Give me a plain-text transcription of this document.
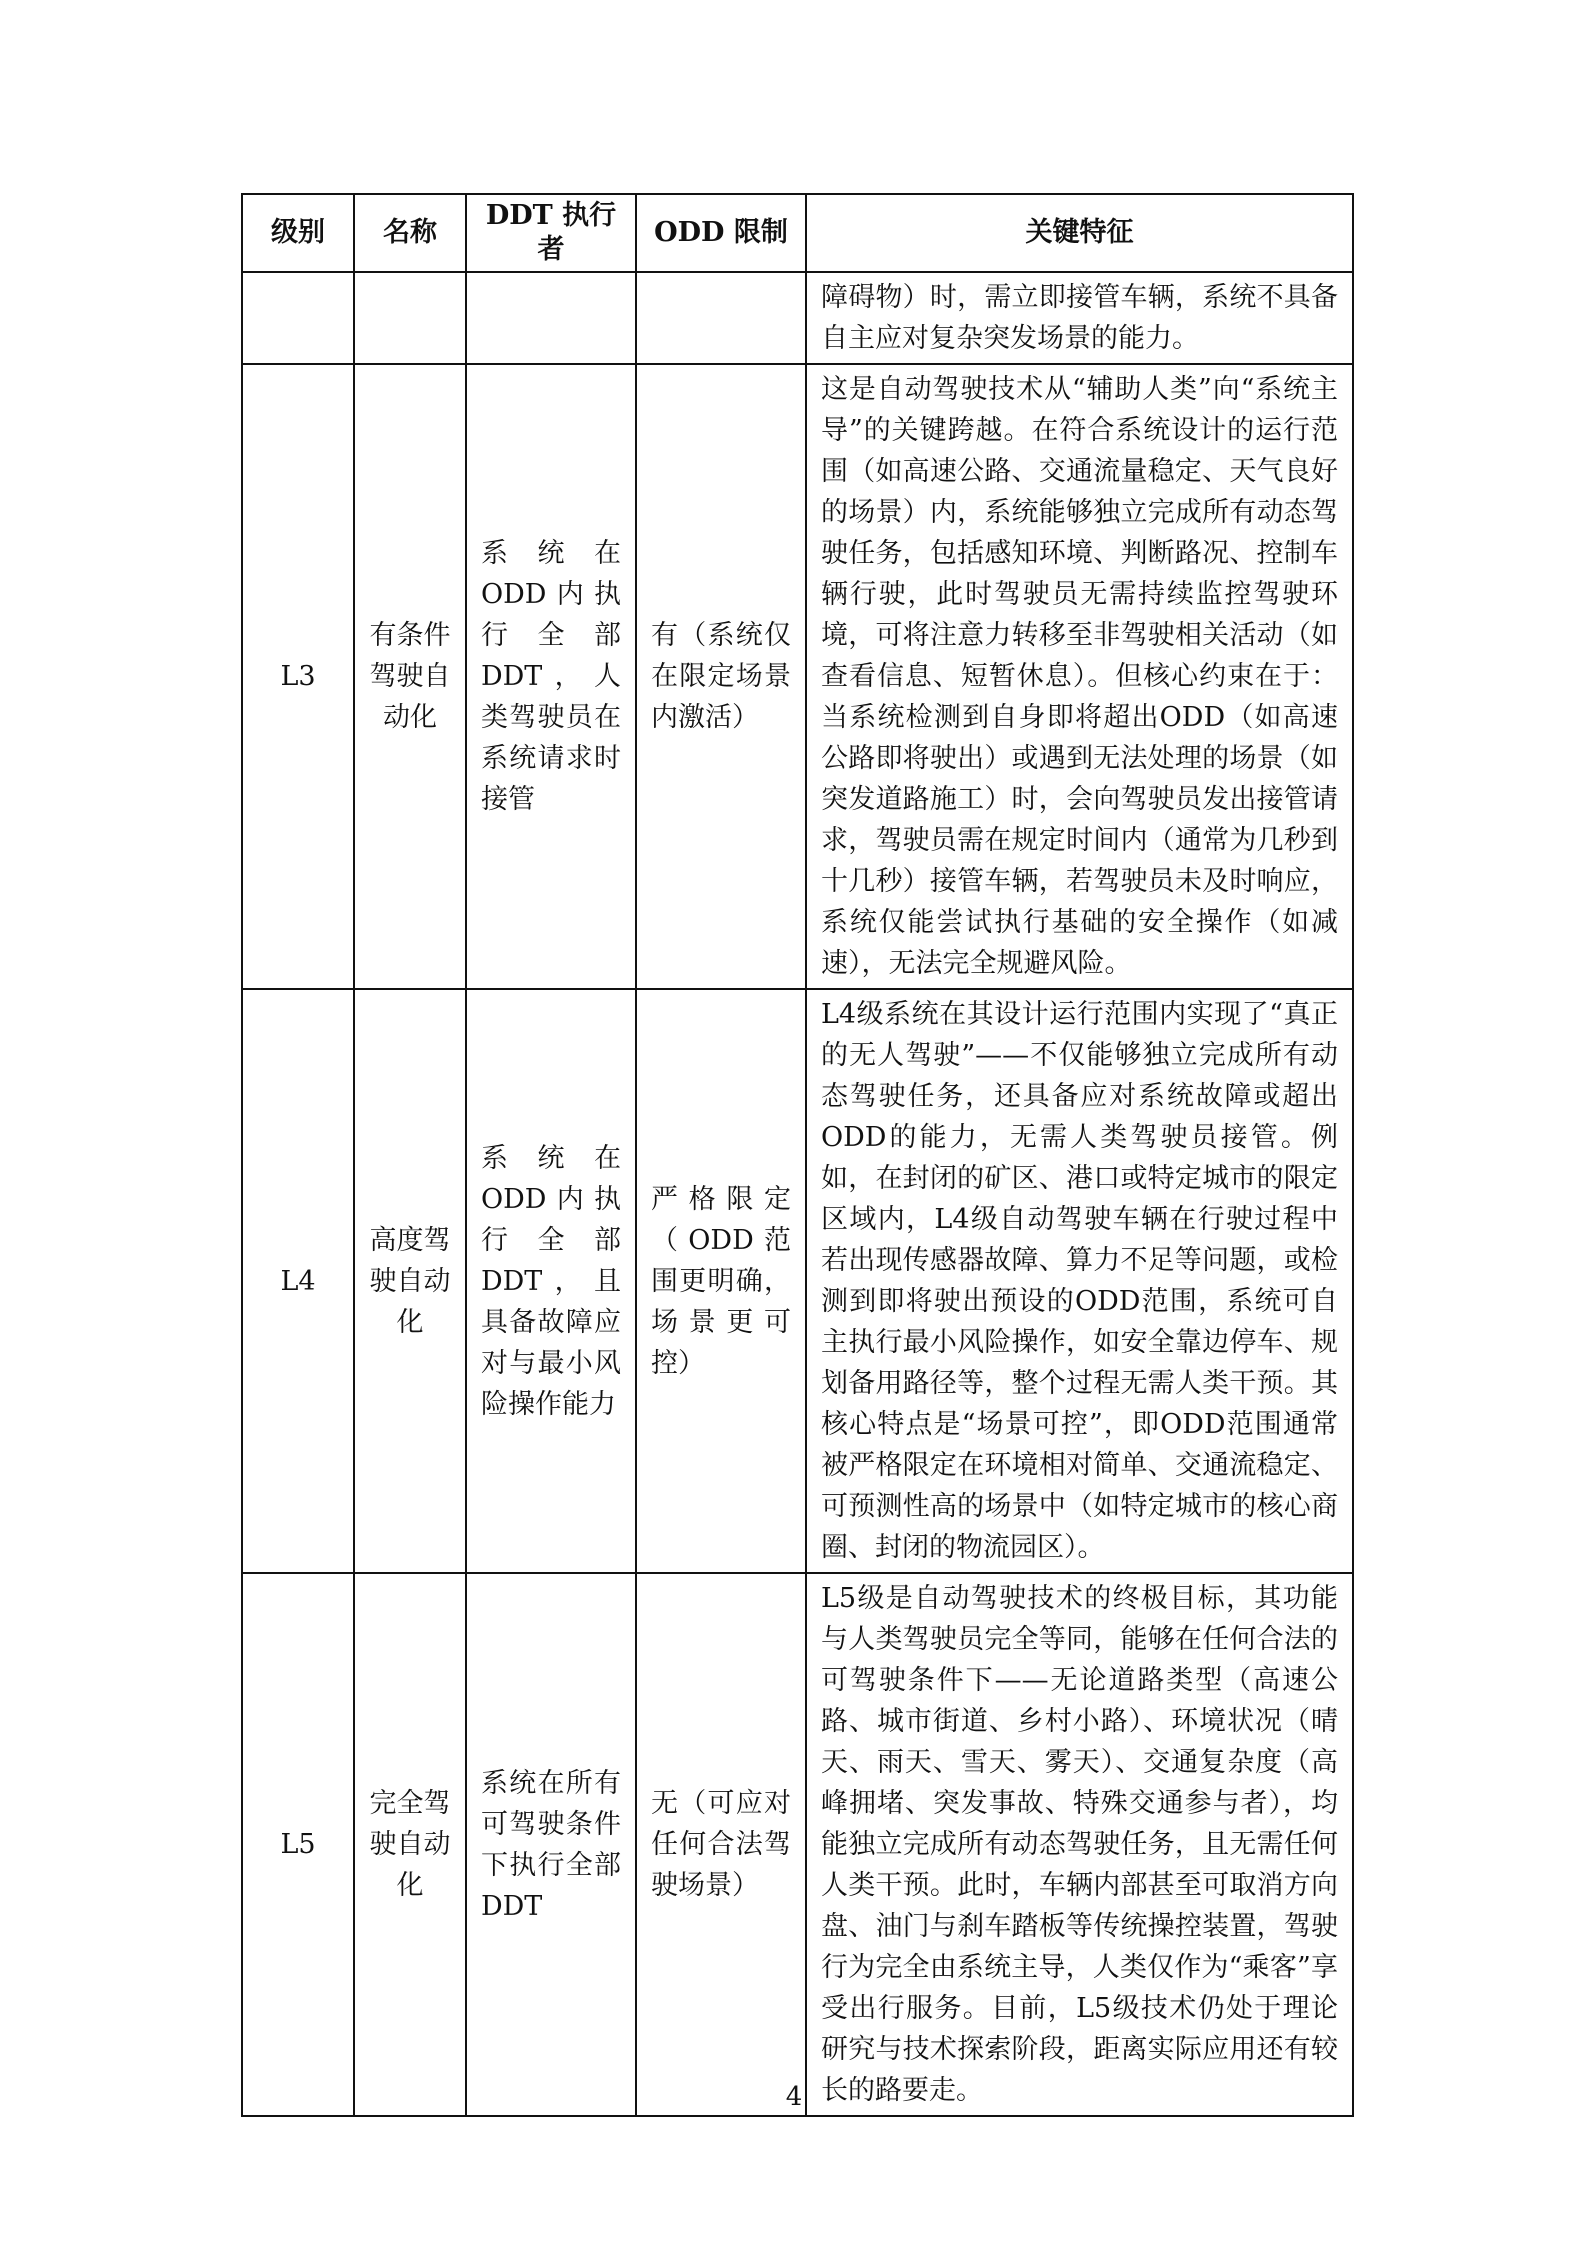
级别	名称	DDT 执行者	ODD 限制	关键特征
				障碍物）时，需立即接管车辆，系统不具备自主应对复杂突发场景的能力。
L3	有条件驾驶自动化	系统在ODD内执行全部DDT，人类驾驶员在系统请求时接管	有（系统仅在限定场景内激活）	这是自动驾驶技术从“辅助人类”向“系统主导”的关键跨越。在符合系统设计的运行范围（如高速公路、交通流量稳定、天气良好的场景）内，系统能够独立完成所有动态驾驶任务，包括感知环境、判断路况、控制车辆行驶，此时驾驶员无需持续监控驾驶环境，可将注意力转移至非驾驶相关活动（如查看信息、短暂休息）。但核心约束在于：当系统检测到自身即将超出ODD（如高速公路即将驶出）或遇到无法处理的场景（如突发道路施工）时，会向驾驶员发出接管请求，驾驶员需在规定时间内（通常为几秒到十几秒）接管车辆，若驾驶员未及时响应，系统仅能尝试执行基础的安全操作（如减速），无法完全规避风险。
L4	高度驾驶自动化	系统在ODD内执行全部DDT，且具备故障应对与最小风险操作能力	严格限定（ODD范围更明确，场景更可控）	L4级系统在其设计运行范围内实现了“真正的无人驾驶”——不仅能够独立完成所有动态驾驶任务，还具备应对系统故障或超出ODD的能力，无需人类驾驶员接管。例如，在封闭的矿区、港口或特定城市的限定区域内，L4级自动驾驶车辆在行驶过程中若出现传感器故障、算力不足等问题，或检测到即将驶出预设的ODD范围，系统可自主执行最小风险操作，如安全靠边停车、规划备用路径等，整个过程无需人类干预。其核心特点是“场景可控”，即ODD范围通常被严格限定在环境相对简单、交通流稳定、可预测性高的场景中（如特定城市的核心商圈、封闭的物流园区）。
L5	完全驾驶自动化	系统在所有可驾驶条件下执行全部DDT	无（可应对任何合法驾驶场景）	L5级是自动驾驶技术的终极目标，其功能与人类驾驶员完全等同，能够在任何合法的可驾驶条件下——无论道路类型（高速公路、城市街道、乡村小路）、环境状况（晴天、雨天、雪天、雾天）、交通复杂度（高峰拥堵、突发事故、特殊交通参与者），均能独立完成所有动态驾驶任务，且无需任何人类干预。此时，车辆内部甚至可取消方向盘、油门与刹车踏板等传统操控装置，驾驶行为完全由系统主导，人类仅作为“乘客”享受出行服务。目前，L5级技术仍处于理论研究与技术探索阶段，距离实际应用还有较长的路要走。
4
